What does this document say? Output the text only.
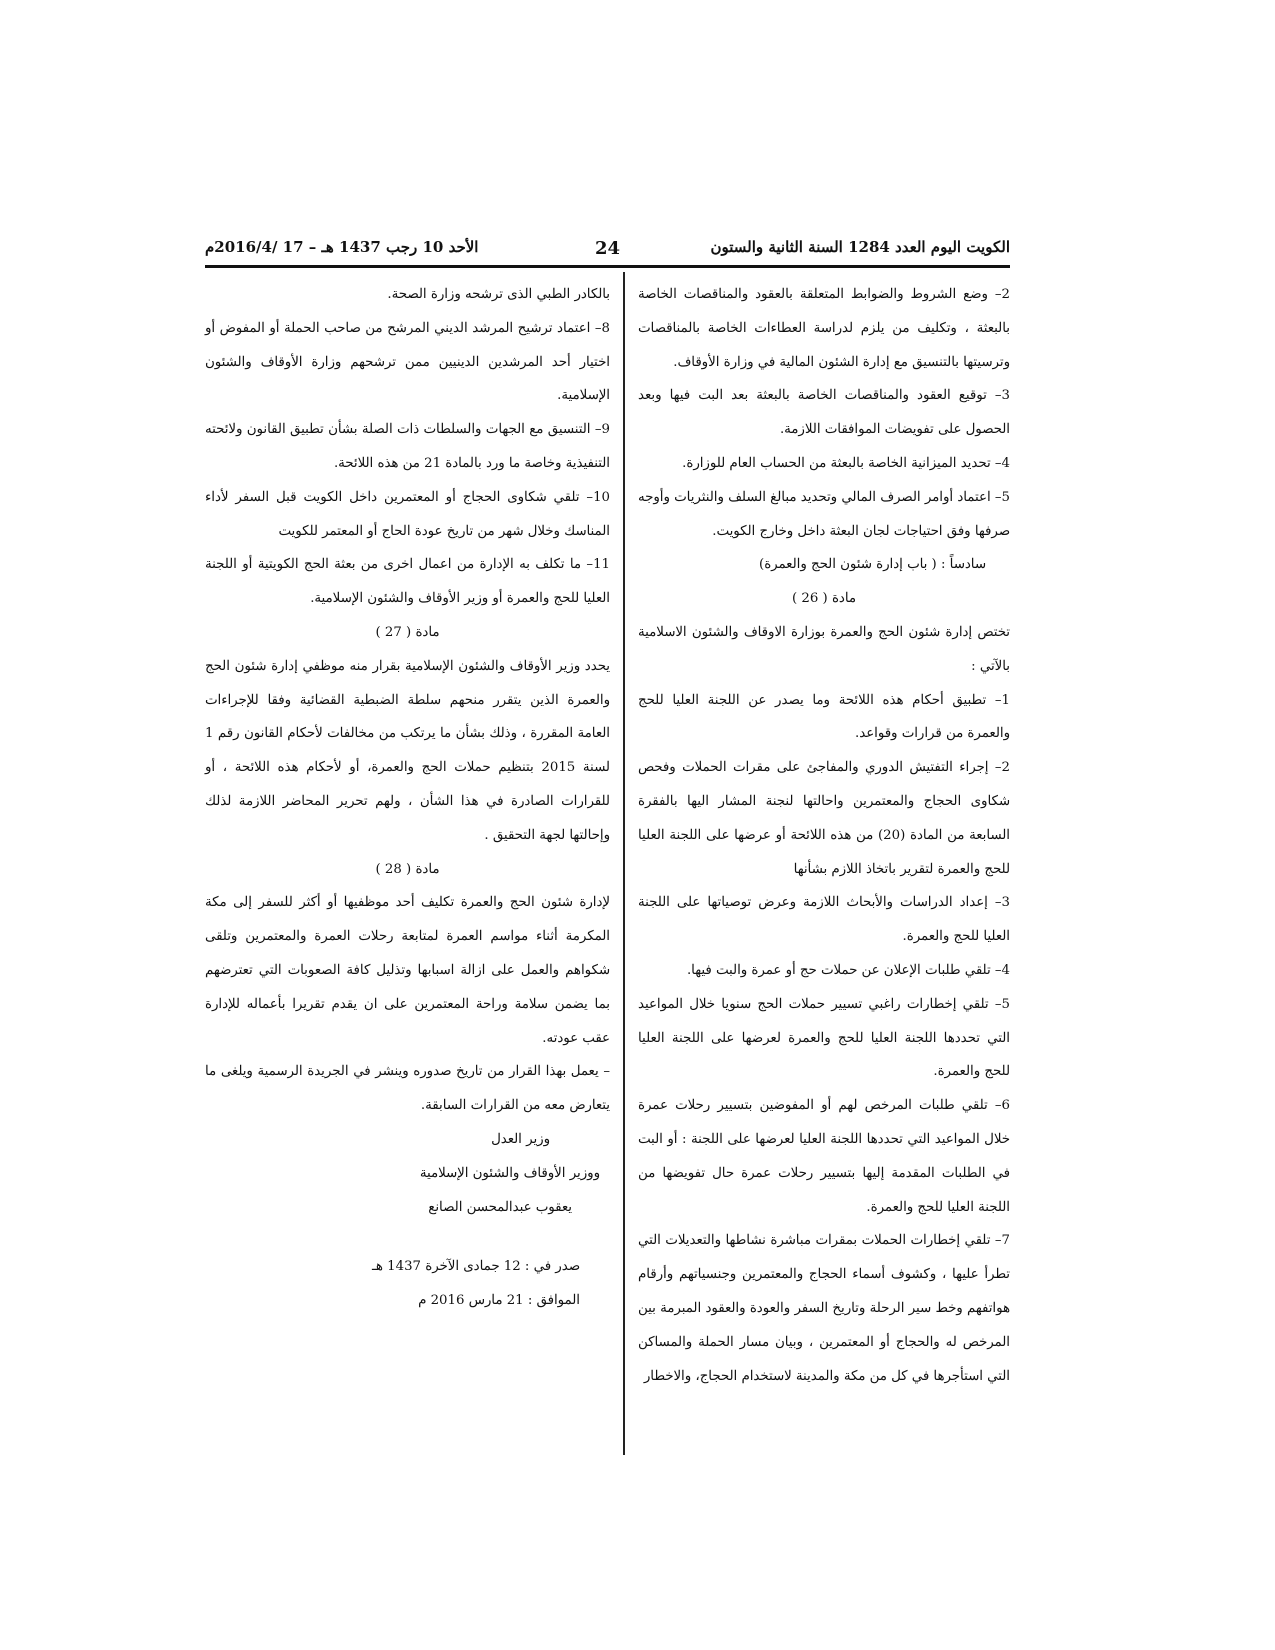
الكويت اليوم العدد 1284 السنة الثانية والستون
24
الأحد 10 رجب 1437 هـ – 17 /2016/4م

2– وضع الشروط والضوابط المتعلقة بالعقود والمناقصات الخاصة بالبعثة ، وتكليف من يلزم لدراسة العطاءات الخاصة بالمناقصات وترسيتها بالتنسيق مع إدارة الشئون المالية في وزارة الأوقاف.

3– توقيع العقود والمناقصات الخاصة بالبعثة بعد البت فيها وبعد الحصول على تفويضات الموافقات اللازمة.

4– تحديد الميزانية الخاصة بالبعثة من الحساب العام للوزارة.

5– اعتماد أوامر الصرف المالي وتحديد مبالغ السلف والنثريات وأوجه صرفها وفق احتياجات لجان البعثة داخل وخارج الكويت.

سادساً : ( باب إدارة شئون الحج والعمرة)

مادة ( 26 )

تختص إدارة شئون الحج والعمرة بوزارة الاوقاف والشئون الاسلامية بالآتي :

1– تطبيق أحكام هذه اللائحة وما يصدر عن اللجنة العليا للحج والعمرة من قرارات وقواعد.

2– إجراء التفتيش الدوري والمفاجئ على مقرات الحملات وفحص شكاوى الحجاج والمعتمرين واحالتها لنجنة المشار اليها بالفقرة السابعة من المادة (20) من هذه اللائحة أو عرضها على اللجنة العليا للحج والعمرة لتقرير باتخاذ اللازم بشأنها

3– إعداد الدراسات والأبحاث اللازمة وعرض توصياتها على اللجنة العليا للحج والعمرة.

4– تلقي طلبات الإعلان عن حملات حج أو عمرة والبت فيها.

5– تلقي إخطارات راغبي تسيير حملات الحج سنويا خلال المواعيد التي تحددها اللجنة العليا للحج والعمرة لعرضها على اللجنة العليا للحج والعمرة.

6– تلقي طلبات المرخص لهم أو المفوضين بتسيير رحلات عمرة خلال المواعيد التي تحددها اللجنة العليا لعرضها على اللجنة : أو البت في الطلبات المقدمة إليها بتسيير رحلات عمرة حال تفويضها من اللجنة العليا للحج والعمرة.

7– تلقي إخطارات الحملات بمقرات مباشرة نشاطها والتعديلات التي تطرأ عليها ، وكشوف أسماء الحجاج والمعتمرين وجنسياتهم وأرقام هواتفهم وخط سير الرحلة وتاريخ السفر والعودة والعقود المبرمة بين المرخص له والحجاج أو المعتمرين ، وبيان مسار الحملة والمساكن التي استأجرها في كل من مكة والمدينة لاستخدام الحجاج، والاخطار

بالكادر الطبي الذى ترشحه وزارة الصحة.

8– اعتماد ترشيح المرشد الديني المرشح من صاحب الحملة أو المفوض أو اختيار أحد المرشدين الدينيين ممن ترشحهم وزارة الأوقاف والشئون الإسلامية.

9– التنسيق مع الجهات والسلطات ذات الصلة بشأن تطبيق القانون ولائحته التنفيذية وخاصة ما ورد بالمادة 21 من هذه اللائحة.

10– تلقي شكاوى الحجاج أو المعتمرين داخل الكويت قبل السفر لأداء المناسك وخلال شهر من تاريخ عودة الحاج أو المعتمر للكويت

11– ما تكلف به الإدارة من اعمال اخرى من بعثة الحج الكويتية أو اللجنة العليا للحج والعمرة أو وزير الأوقاف والشئون الإسلامية.

مادة ( 27 )

يحدد وزير الأوقاف والشئون الإسلامية بقرار منه موظفي إدارة شئون الحج والعمرة الذين يتقرر منحهم سلطة الضبطية القضائية وفقا للإجراءات العامة المقررة ، وذلك بشأن ما يرتكب من مخالفات لأحكام القانون رقم 1 لسنة 2015 بتنظيم حملات الحج والعمرة، أو لأحكام هذه اللائحة ، أو للقرارات الصادرة في هذا الشأن ، ولهم تحرير المحاضر اللازمة لذلك وإحالتها لجهة التحقيق .

مادة ( 28 )

لإدارة شئون الحج والعمرة تكليف أحد موظفيها أو أكثر للسفر إلى مكة المكرمة أثناء مواسم العمرة لمتابعة رحلات العمرة والمعتمرين وتلقى شكواهم والعمل على ازالة اسبابها وتذليل كافة الصعوبات التي تعترضهم بما يضمن سلامة وراحة المعتمرين على ان يقدم تقريرا بأعماله للإدارة عقب عودته.

– يعمل بهذا القرار من تاريخ صدوره وينشر في الجريدة الرسمية ويلغى ما يتعارض معه من القرارات السابقة.

وزير العدل

ووزير الأوقاف والشئون الإسلامية

يعقوب عبدالمحسن الصانع

صدر في : 12 جمادى الآخرة 1437 هـ

الموافق : 21 مارس 2016 م
